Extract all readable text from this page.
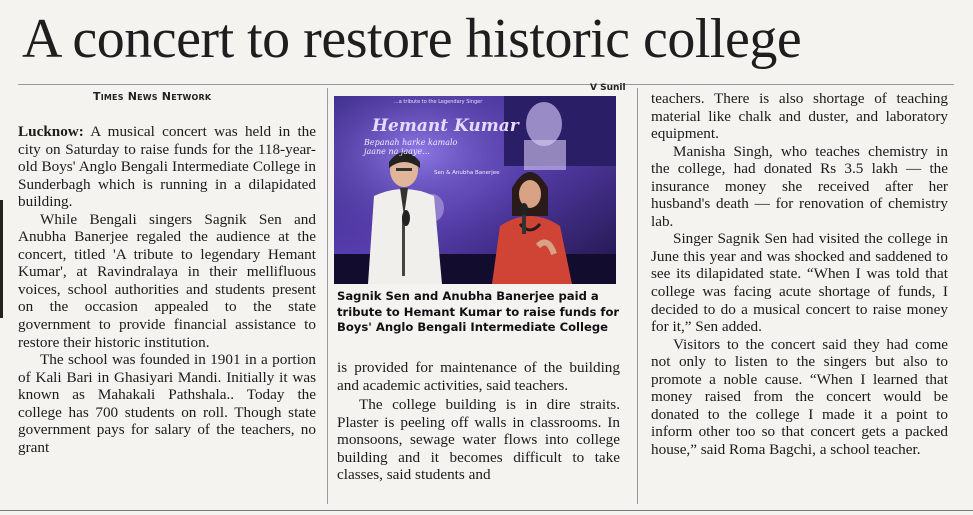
A concert to restore historic college
Times News Network
V Sunil

Lucknow: A musical concert was held in the city on Saturday to raise funds for the 118-year-old Boys' Anglo Bengali Intermediate College in Sunderbagh which is running in a dilapidated building.

While Bengali singers Sagnik Sen and Anubha Banerjee regaled the audience at the concert, titled 'A tribute to legendary Hemant Kumar', at Ravindralaya in their mellifluous voices, school authorities and students present on the occasion appealed to the state government to provide financial assistance to restore their historic institution.

The school was founded in 1901 in a portion of Kali Bari in Ghasiyari Mandi. Initially it was known as Mahakali Pathshala.. Today the college has 700 students on roll. Though state government pays for salary of the teachers, no grant

...a tribute to the Legendary Singer
Hemant Kumar
Bepanah harke kamalo jaane na jaaye...
Sen & Anubha Banerjee
Sagnik Sen and Anubha Banerjee paid a tribute to Hemant Kumar to raise funds for Boys' Anglo Bengali Intermediate College

is provided for maintenance of the building and academic activities, said teachers.

The college building is in dire straits. Plaster is peeling off walls in classrooms. In monsoons, sewage water flows into college building and it becomes difficult to take classes, said students and

teachers. There is also shortage of teaching material like chalk and duster, and laboratory equipment.

Manisha Singh, who teaches chemistry in the college, had donated Rs 3.5 lakh — the insurance money she received after her husband's death — for renovation of chemistry lab.

Singer Sagnik Sen had visited the college in June this year and was shocked and saddened to see its dilapidated state. “When I was told that college was facing acute shortage of funds, I decided to do a musical concert to raise money for it,” Sen added.

Visitors to the concert said they had come not only to listen to the singers but also to promote a noble cause. “When I learned that money raised from the concert would be donated to the college I made it a point to inform other too so that concert gets a packed house,” said Roma Bagchi, a school teacher.
